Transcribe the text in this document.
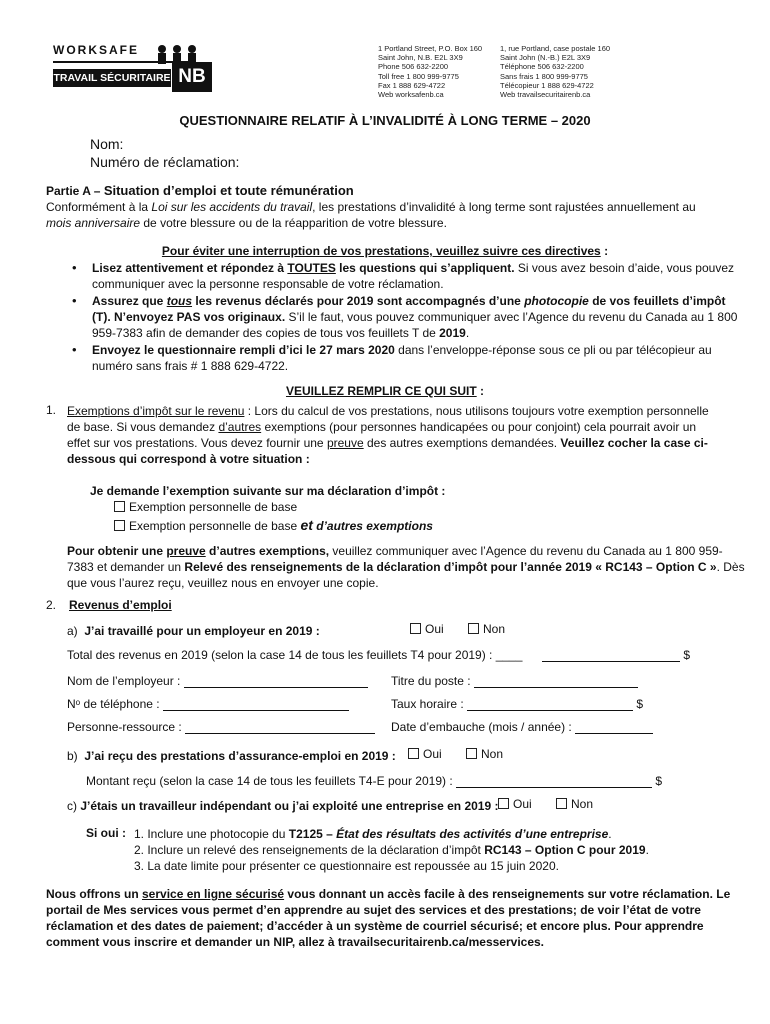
WORKSAFE
TRAVAIL SÉCURITAIRE NB
1 Portland Street, P.O. Box 160
Saint John, N.B. E2L 3X9
Phone 506 632-2200
Toll free 1 800 999-9775
Fax 1 888 629-4722
Web worksafenb.ca
1, rue Portland, case postale 160
Saint John (N.-B.) E2L 3X9
Téléphone 506 632-2200
Sans frais 1 800 999-9775
Télécopieur 1 888 629-4722
Web travailsecuritairenb.ca
QUESTIONNAIRE RELATIF À L’INVALIDITÉ À LONG TERME – 2020
Nom:
Numéro de réclamation:
Partie A – Situation d’emploi et toute rémunération
Conformément à la Loi sur les accidents du travail, les prestations d’invalidité à long terme sont rajustées annuellement au mois anniversaire de votre blessure ou de la réapparition de votre blessure.
Pour éviter une interruption de vos prestations, veuillez suivre ces directives :
• Lisez attentivement et répondez à TOUTES les questions qui s’appliquent. Si vous avez besoin d’aide, vous pouvez communiquer avec la personne responsable de votre réclamation.
• Assurez que tous les revenus déclarés pour 2019 sont accompagnés d’une photocopie de vos feuillets d’impôt (T). N’envoyez PAS vos originaux. S’il le faut, vous pouvez communiquer avec l’Agence du revenu du Canada au 1 800 959-7383 afin de demander des copies de tous vos feuillets T de 2019.
• Envoyez le questionnaire rempli d’ici le 27 mars 2020 dans l’enveloppe-réponse sous ce pli ou par télécopieur au numéro sans frais # 1 888 629-4722.
VEUILLEZ REMPLIR CE QUI SUIT :
1. Exemptions d’impôt sur le revenu : Lors du calcul de vos prestations, nous utilisons toujours votre exemption personnelle de base. Si vous demandez d’autres exemptions (pour personnes handicapées ou pour conjoint) cela pourrait avoir un effet sur vos prestations. Vous devez fournir une preuve des autres exemptions demandées. Veuillez cocher la case ci-dessous qui correspond à votre situation :
Je demande l’exemption suivante sur ma déclaration d’impôt :
Exemption personnelle de base
Exemption personnelle de base et d’autres exemptions
Pour obtenir une preuve d’autres exemptions, veuillez communiquer avec l’Agence du revenu du Canada au 1 800 959-7383 et demander un Relevé des renseignements de la déclaration d’impôt pour l’année 2019 « RC143 – Option C ». Dès que vous l’aurez reçu, veuillez nous en envoyer une copie.
2. Revenus d’emploi
a) J’ai travaillé pour un employeur en 2019 :	Oui	Non
Total des revenus en 2019 (selon la case 14 de tous les feuillets T4 pour 2019) : ____	$
Nom de l’employeur :	Titre du poste :
Nᵒ de téléphone :	Taux horaire :	$
Personne-ressource :	Date d’embauche (mois / année) :
b) J’ai reçu des prestations d’assurance-emploi en 2019 :	Oui	Non
Montant reçu (selon la case 14 de tous les feuillets T4-E pour 2019) :	$
c) J’étais un travailleur indépendant ou j’ai exploité une entreprise en 2019 :	Oui	Non
Si oui : 1. Inclure une photocopie du T2125 – État des résultats des activités d’une entreprise.
2. Inclure un relevé des renseignements de la déclaration d’impôt RC143 – Option C pour 2019.
3. La date limite pour présenter ce questionnaire est repoussée au 15 juin 2020.
Nous offrons un service en ligne sécurisé vous donnant un accès facile à des renseignements sur votre réclamation. Le portail de Mes services vous permet d’en apprendre au sujet des services et des prestations; de voir l’état de votre réclamation et des dates de paiement; d’accéder à un système de courriel sécurisé; et encore plus. Pour apprendre comment vous inscrire et demander un NIP, allez à travailsecuritairenb.ca/messervices.
